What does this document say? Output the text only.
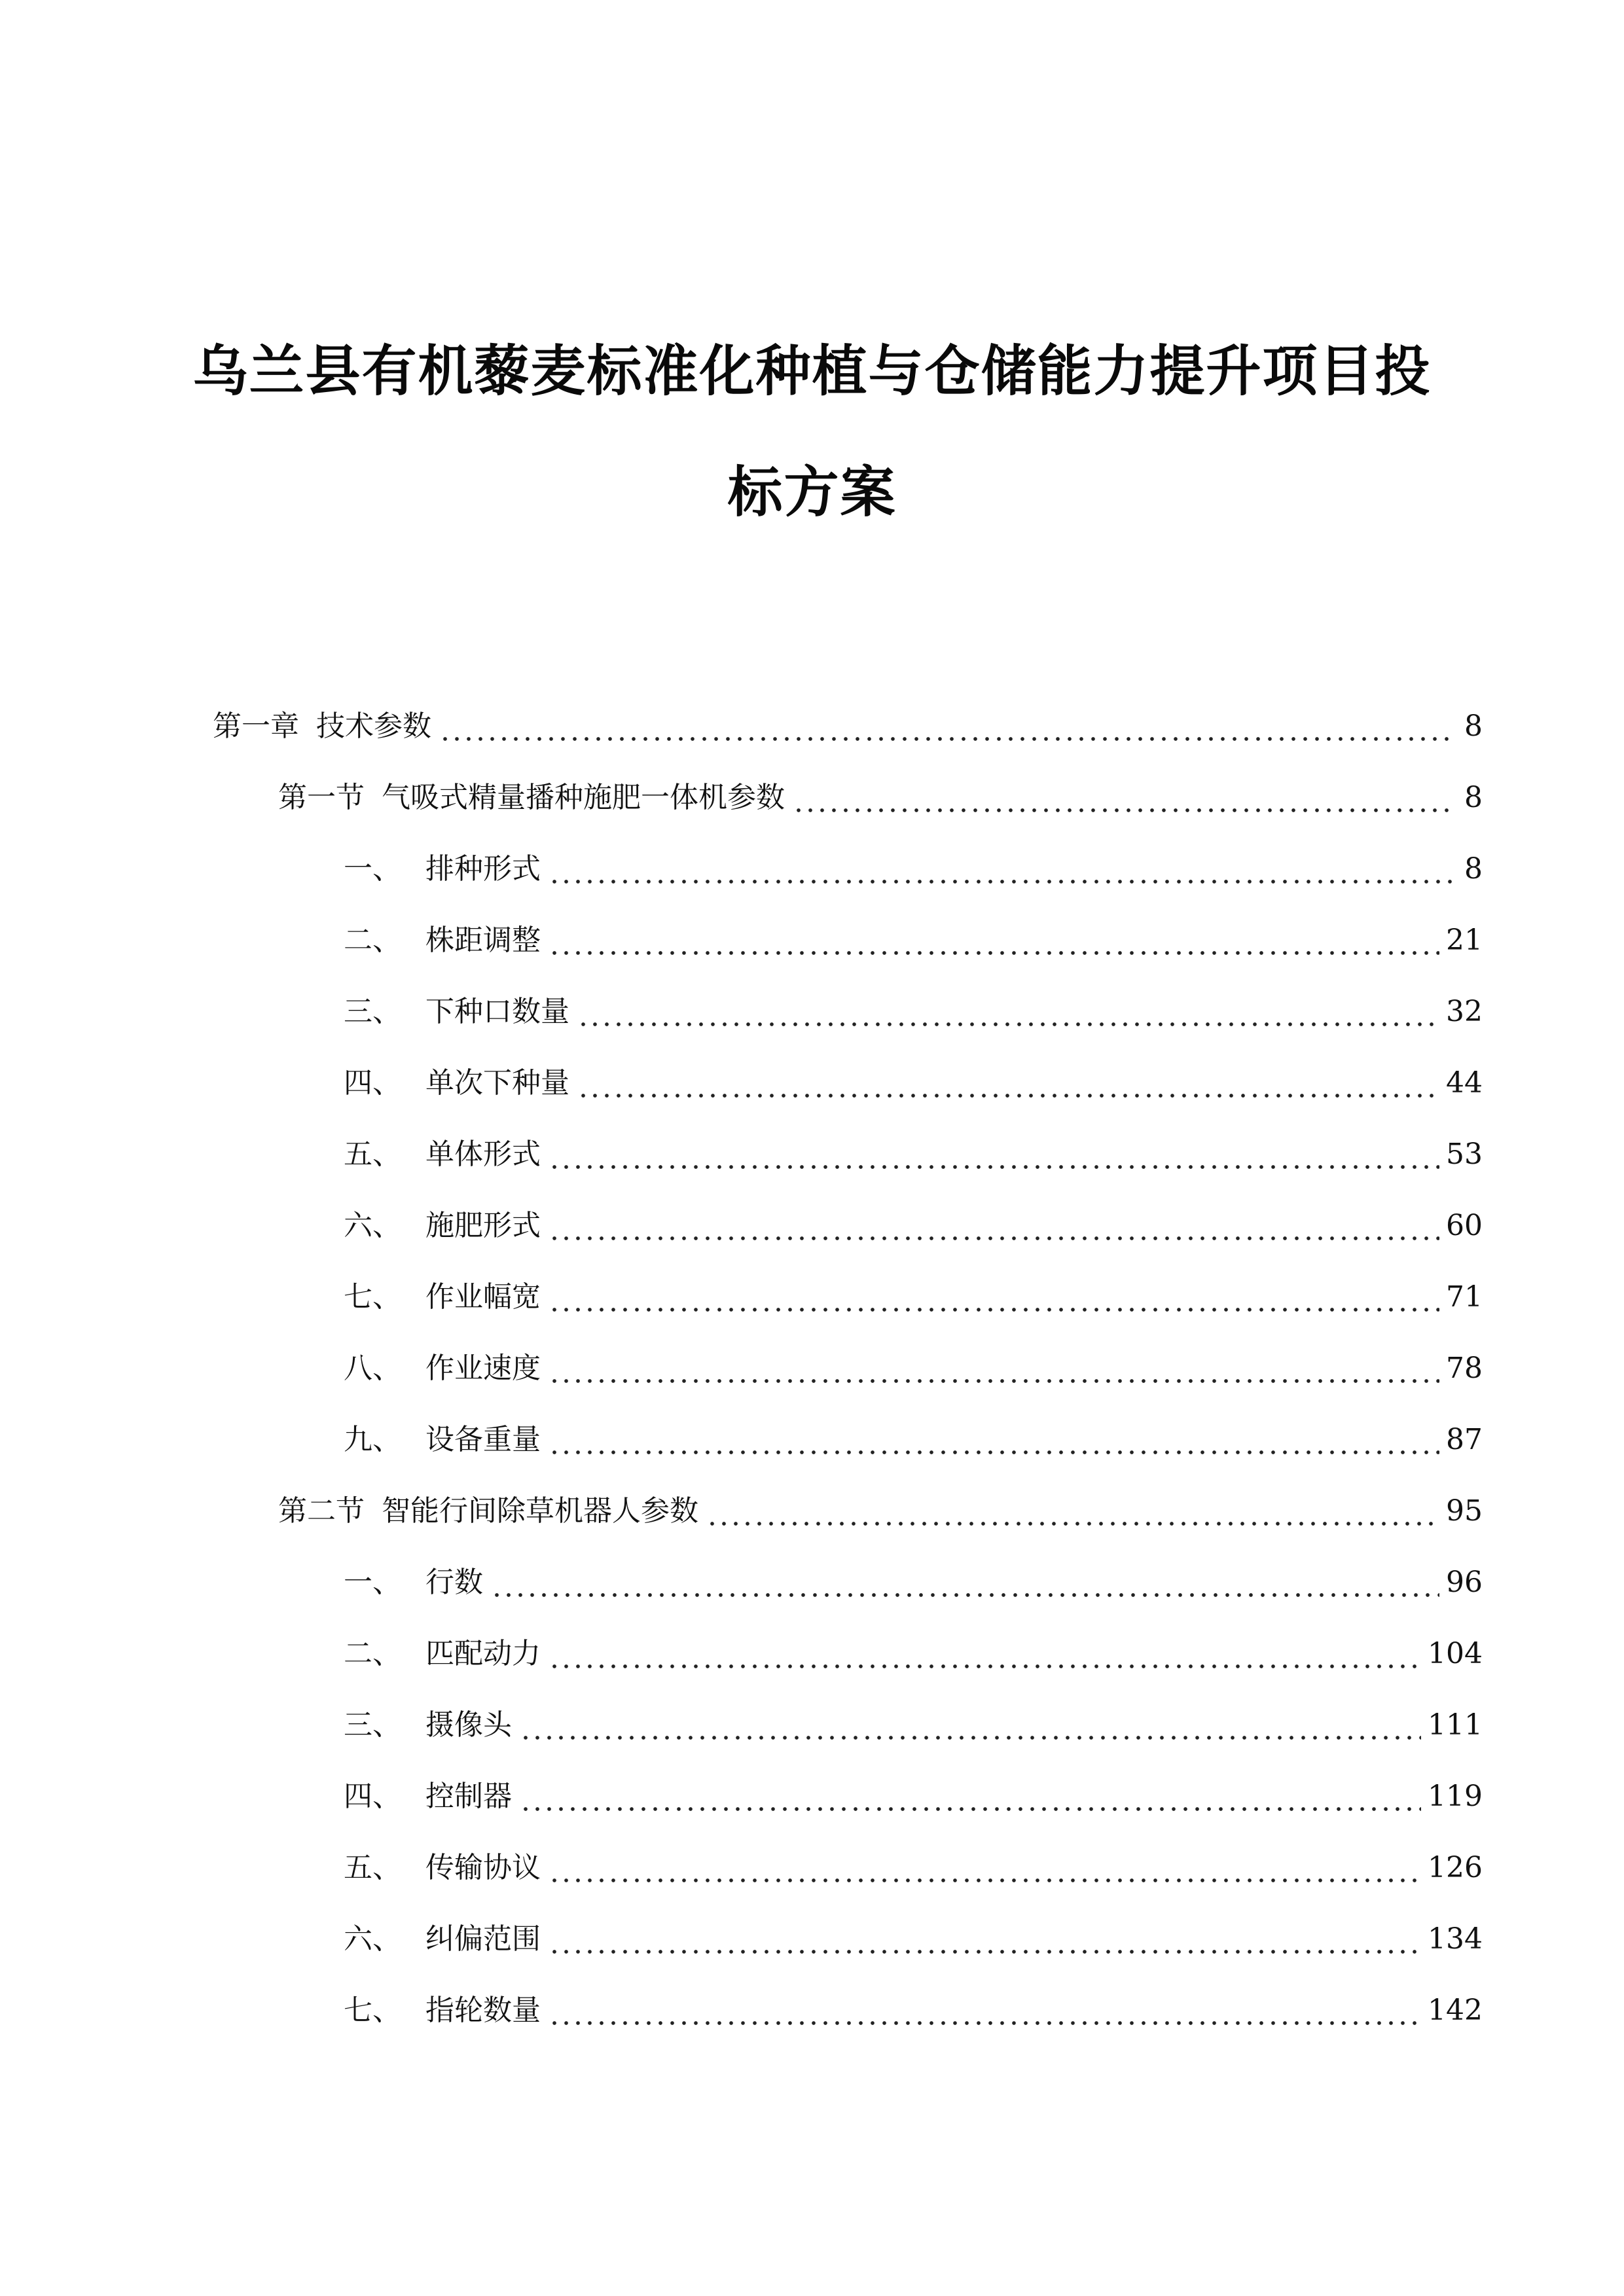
乌兰县有机藜麦标准化种植与仓储能力提升项目投
标方案
第一章 技术参数	8
第一节 气吸式精量播种施肥一体机参数	8
一、 排种形式	8
二、 株距调整	21
三、 下种口数量	32
四、 单次下种量	44
五、 单体形式	53
六、 施肥形式	60
七、 作业幅宽	71
八、 作业速度	78
九、 设备重量	87
第二节 智能行间除草机器人参数	95
一、 行数	96
二、 匹配动力	104
三、 摄像头	111
四、 控制器	119
五、 传输协议	126
六、 纠偏范围	134
七、 指轮数量	142
